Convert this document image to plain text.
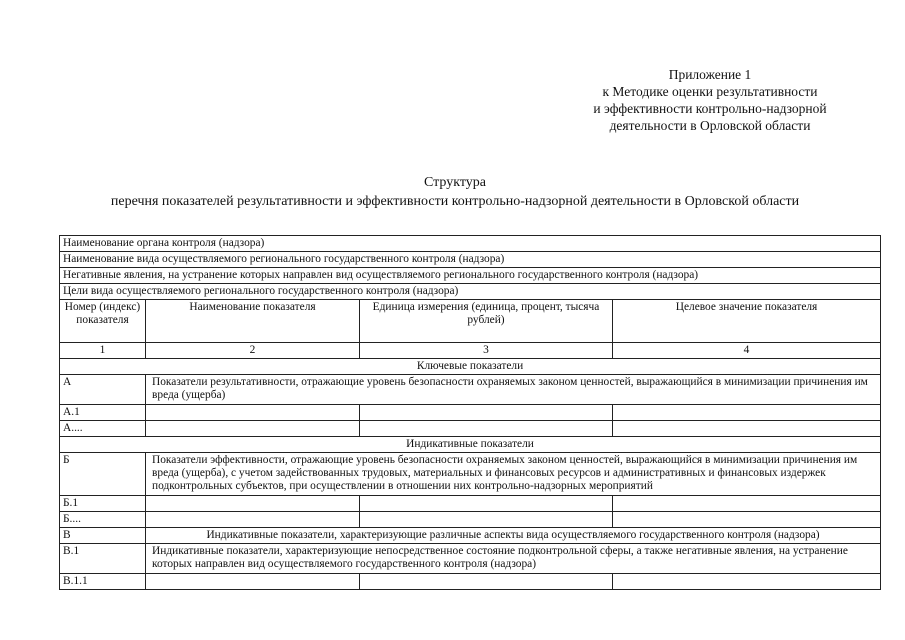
Приложение 1
к Методике оценки результативности
и эффективности контрольно-надзорной
деятельности в Орловской области
Структура
перечня показателей результативности и эффективности контрольно-надзорной деятельности в Орловской области
Наименование органа контроля (надзора)			
Наименование вида осуществляемого регионального государственного контроля (надзора)			
Негативные явления, на устранение которых направлен вид осуществляемого регионального государственного контроля (надзора)			
Цели вида осуществляемого регионального государственного контроля (надзора)			
Номер (индекс) показателя	Наименование показателя	Единица измерения (единица, процент, тысяча рублей)	Целевое значение показателя
1	2	3	4
Ключевые показатели			
А	Показатели результативности, отражающие уровень безопасности охраняемых законом ценностей, выражающийся в минимизации причинения им вреда (ущерба)		
А.1			
А....			
Индикативные показатели			
Б	Показатели эффективности, отражающие уровень безопасности охраняемых законом ценностей, выражающийся в минимизации причинения им вреда (ущерба), с учетом задействованных трудовых, материальных и финансовых ресурсов и административных и финансовых издержек подконтрольных субъектов, при осуществлении в отношении них контрольно-надзорных мероприятий		
Б.1			
Б....			
В	Индикативные показатели, характеризующие различные аспекты вида осуществляемого государственного контроля (надзора)		
В.1	Индикативные показатели, характеризующие непосредственное состояние подконтрольной сферы, а также негативные явления, на устранение которых направлен вид осуществляемого государственного контроля (надзора)		
В.1.1			
